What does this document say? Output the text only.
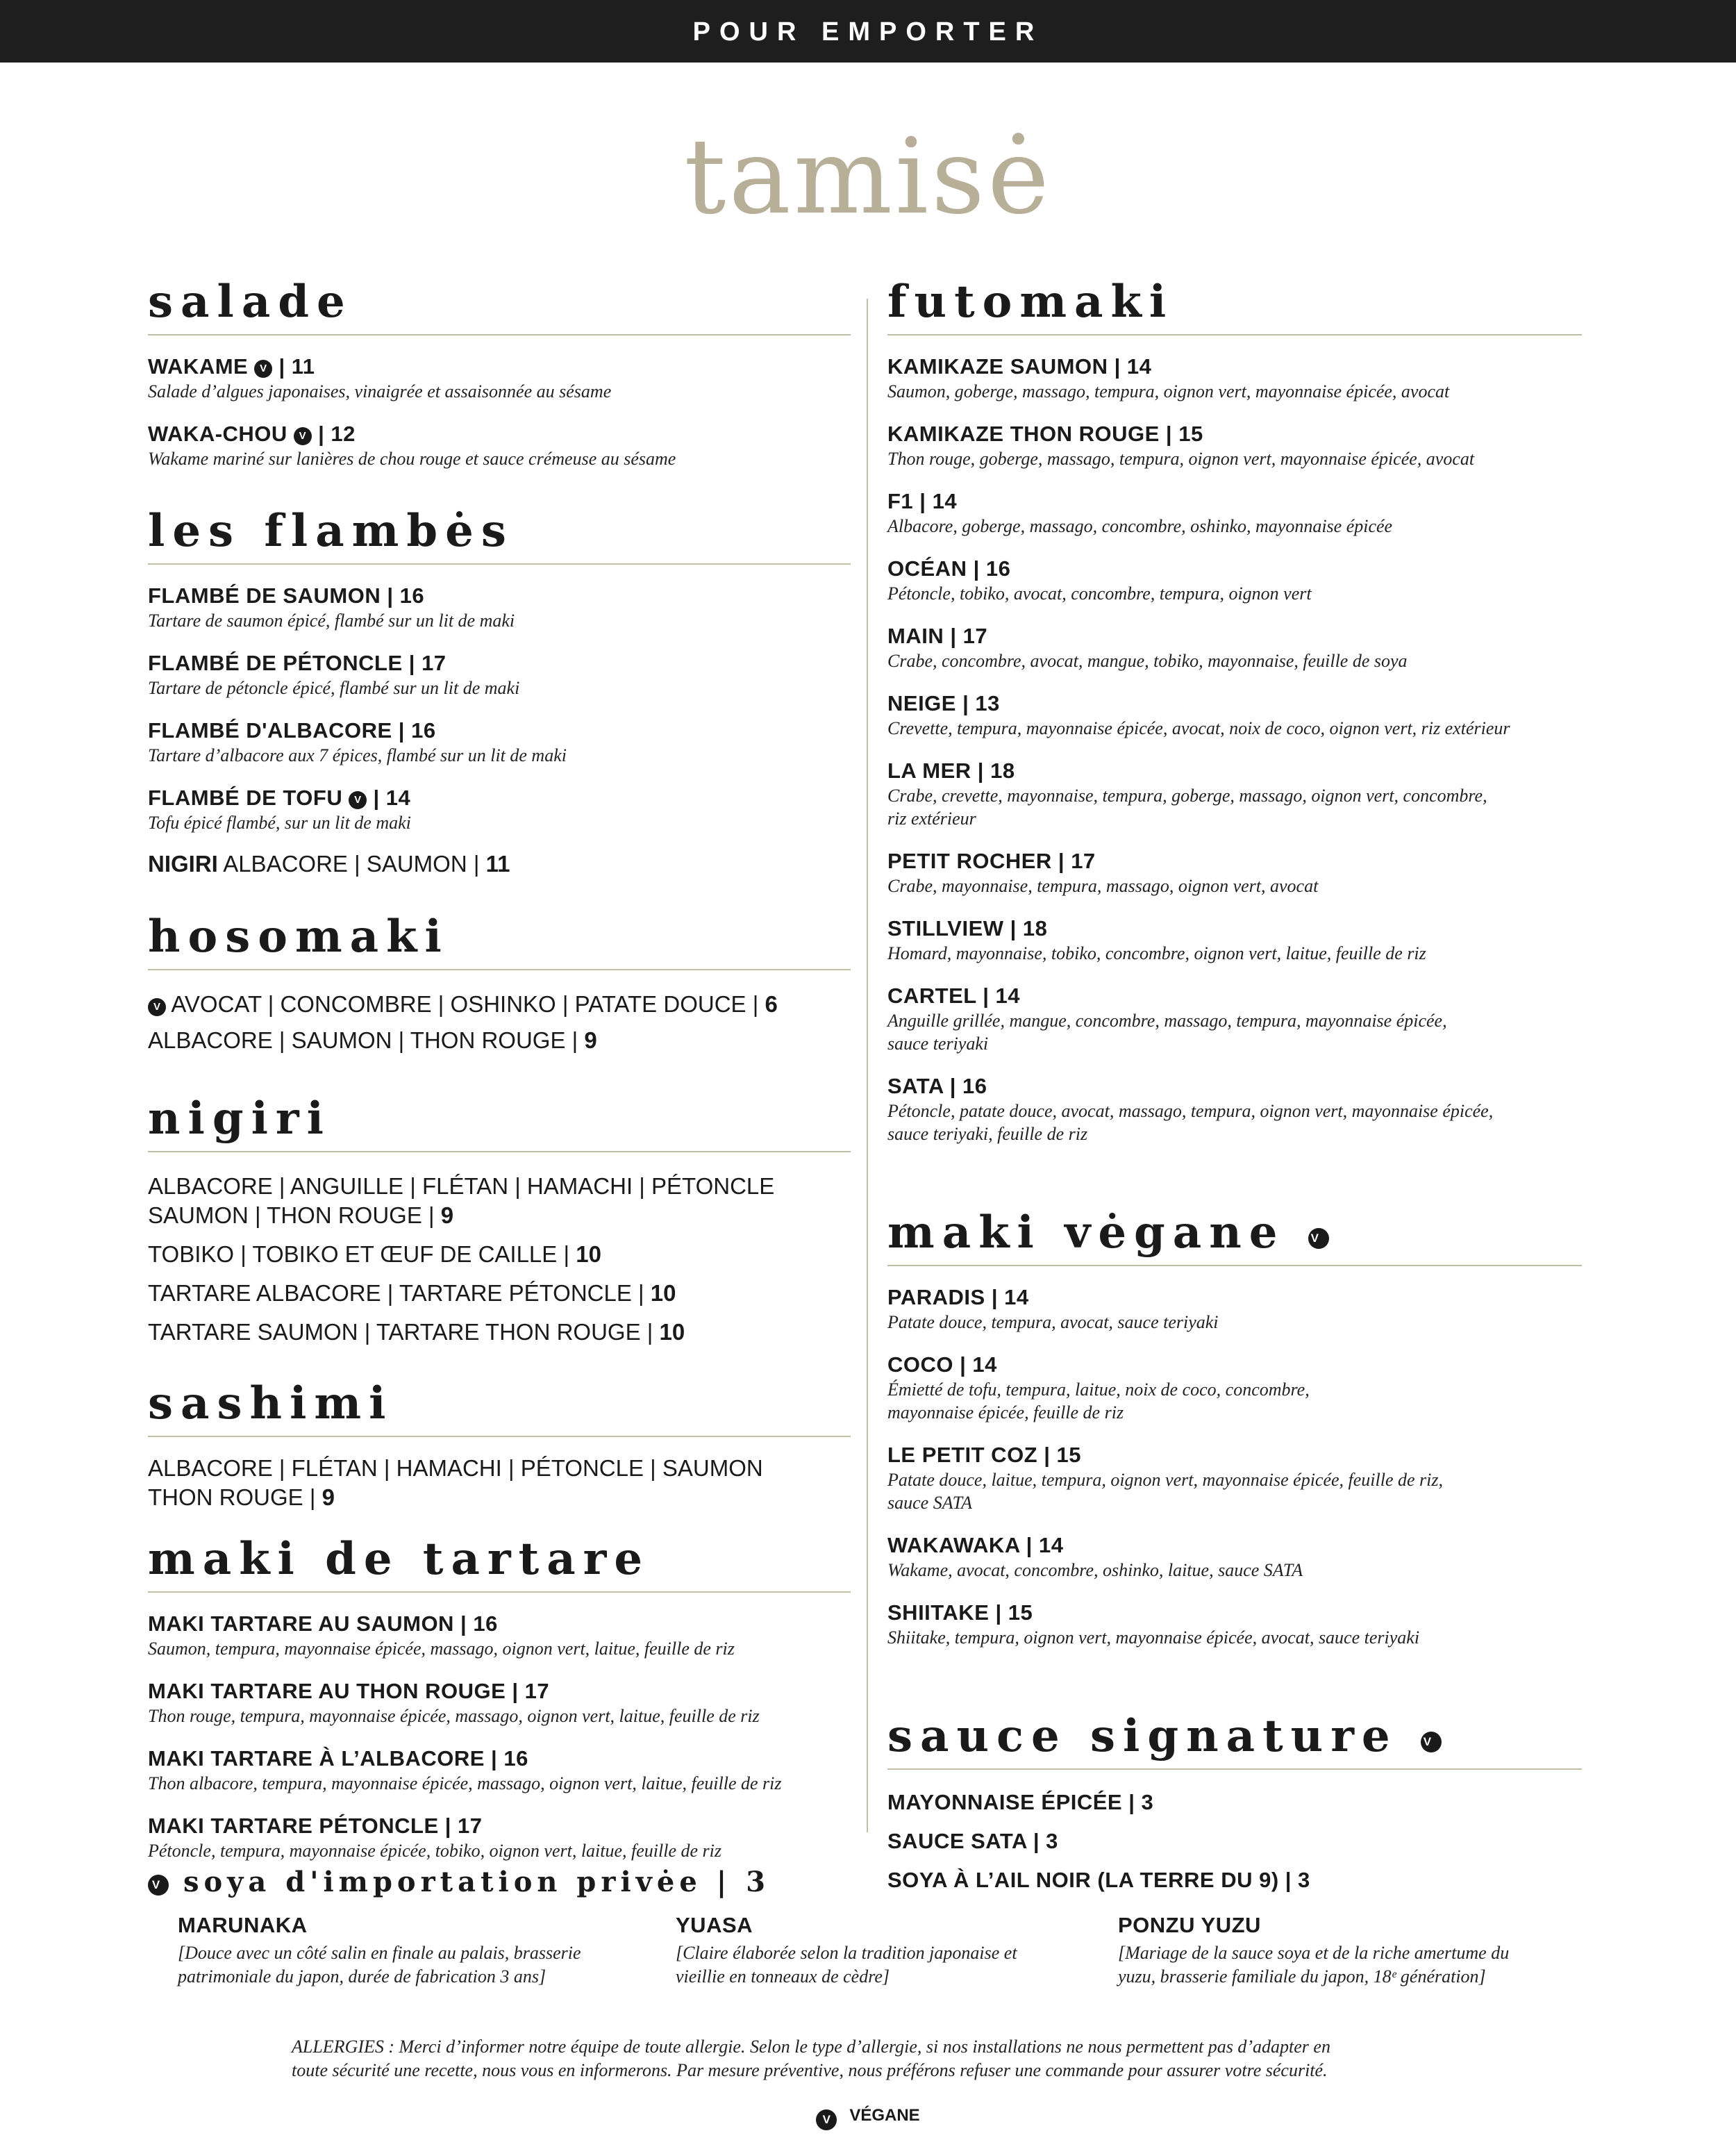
POUR EMPORTER
tamisė
salade
WAKAME V | 11
Salade d’algues japonaises, vinaigrée et assaisonnée au sésame
WAKA-CHOU V | 12
Wakame mariné sur lanières de chou rouge et sauce crémeuse au sésame
les flambės
FLAMBÉ DE SAUMON | 16
Tartare de saumon épicé, flambé sur un lit de maki
FLAMBÉ DE PÉTONCLE | 17
Tartare de pétoncle épicé, flambé sur un lit de maki
FLAMBÉ D'ALBACORE | 16
Tartare d’albacore aux 7 épices, flambé sur un lit de maki
FLAMBÉ DE TOFU V | 14
Tofu épicé flambé, sur un lit de maki
NIGIRI ALBACORE | SAUMON | 11
hosomaki
V AVOCAT | CONCOMBRE | OSHINKO | PATATE DOUCE | 6
ALBACORE | SAUMON | THON ROUGE | 9
nigiri
ALBACORE | ANGUILLE | FLÉTAN | HAMACHI | PÉTONCLE
SAUMON | THON ROUGE | 9
TOBIKO | TOBIKO ET ŒUF DE CAILLE | 10
TARTARE ALBACORE | TARTARE PÉTONCLE | 10
TARTARE SAUMON | TARTARE THON ROUGE | 10
sashimi
ALBACORE | FLÉTAN | HAMACHI | PÉTONCLE | SAUMON
THON ROUGE | 9
maki de tartare
MAKI TARTARE AU SAUMON | 16
Saumon, tempura, mayonnaise épicée, massago, oignon vert, laitue, feuille de riz
MAKI TARTARE AU THON ROUGE | 17
Thon rouge, tempura, mayonnaise épicée, massago, oignon vert, laitue, feuille de riz
MAKI TARTARE À L’ALBACORE | 16
Thon albacore, tempura, mayonnaise épicée, massago, oignon vert, laitue, feuille de riz
MAKI TARTARE PÉTONCLE | 17
Pétoncle, tempura, mayonnaise épicée, tobiko, oignon vert, laitue, feuille de riz
futomaki
KAMIKAZE SAUMON | 14
Saumon, goberge, massago, tempura, oignon vert, mayonnaise épicée, avocat
KAMIKAZE THON ROUGE | 15
Thon rouge, goberge, massago, tempura, oignon vert, mayonnaise épicée, avocat
F1 | 14
Albacore, goberge, massago, concombre, oshinko, mayonnaise épicée
OCÉAN | 16
Pétoncle, tobiko, avocat, concombre, tempura, oignon vert
MAIN | 17
Crabe, concombre, avocat, mangue, tobiko, mayonnaise, feuille de soya
NEIGE | 13
Crevette, tempura, mayonnaise épicée, avocat, noix de coco, oignon vert, riz extérieur
LA MER | 18
Crabe, crevette, mayonnaise, tempura, goberge, massago, oignon vert, concombre,
riz extérieur
PETIT ROCHER | 17
Crabe, mayonnaise, tempura, massago, oignon vert, avocat
STILLVIEW | 18
Homard, mayonnaise, tobiko, concombre, oignon vert, laitue, feuille de riz
CARTEL | 14
Anguille grillée, mangue, concombre, massago, tempura, mayonnaise épicée,
sauce teriyaki
SATA | 16
Pétoncle, patate douce, avocat, massago, tempura, oignon vert, mayonnaise épicée,
sauce teriyaki, feuille de riz
maki vėgane V
PARADIS | 14
Patate douce, tempura, avocat, sauce teriyaki
COCO | 14
Émietté de tofu, tempura, laitue, noix de coco, concombre,
mayonnaise épicée, feuille de riz
LE PETIT COZ | 15
Patate douce, laitue, tempura, oignon vert, mayonnaise épicée, feuille de riz,
sauce SATA
WAKAWAKA | 14
Wakame, avocat, concombre, oshinko, laitue, sauce SATA
SHIITAKE | 15
Shiitake, tempura, oignon vert, mayonnaise épicée, avocat, sauce teriyaki
sauce signature V
MAYONNAISE ÉPICÉE | 3
SAUCE SATA | 3
SOYA À L’AIL NOIR (LA TERRE DU 9) | 3
V soya d'importation privėe | 3
MARUNAKA
[Douce avec un côté salin en finale au palais, brasserie
patrimoniale du japon, durée de fabrication 3 ans]
YUASA
[Claire élaborée selon la tradition japonaise et
vieillie en tonneaux de cèdre]
PONZU YUZU
[Mariage de la sauce soya et de la riche amertume du
yuzu, brasserie familiale du japon, 18ᵉ génération]
ALLERGIES : Merci d’informer notre équipe de toute allergie. Selon le type d’allergie, si nos installations ne nous permettent pas d’adapter en
toute sécurité une recette, nous vous en informerons. Par mesure préventive, nous préférons refuser une commande pour assurer votre sécurité.
V VÉGANE
